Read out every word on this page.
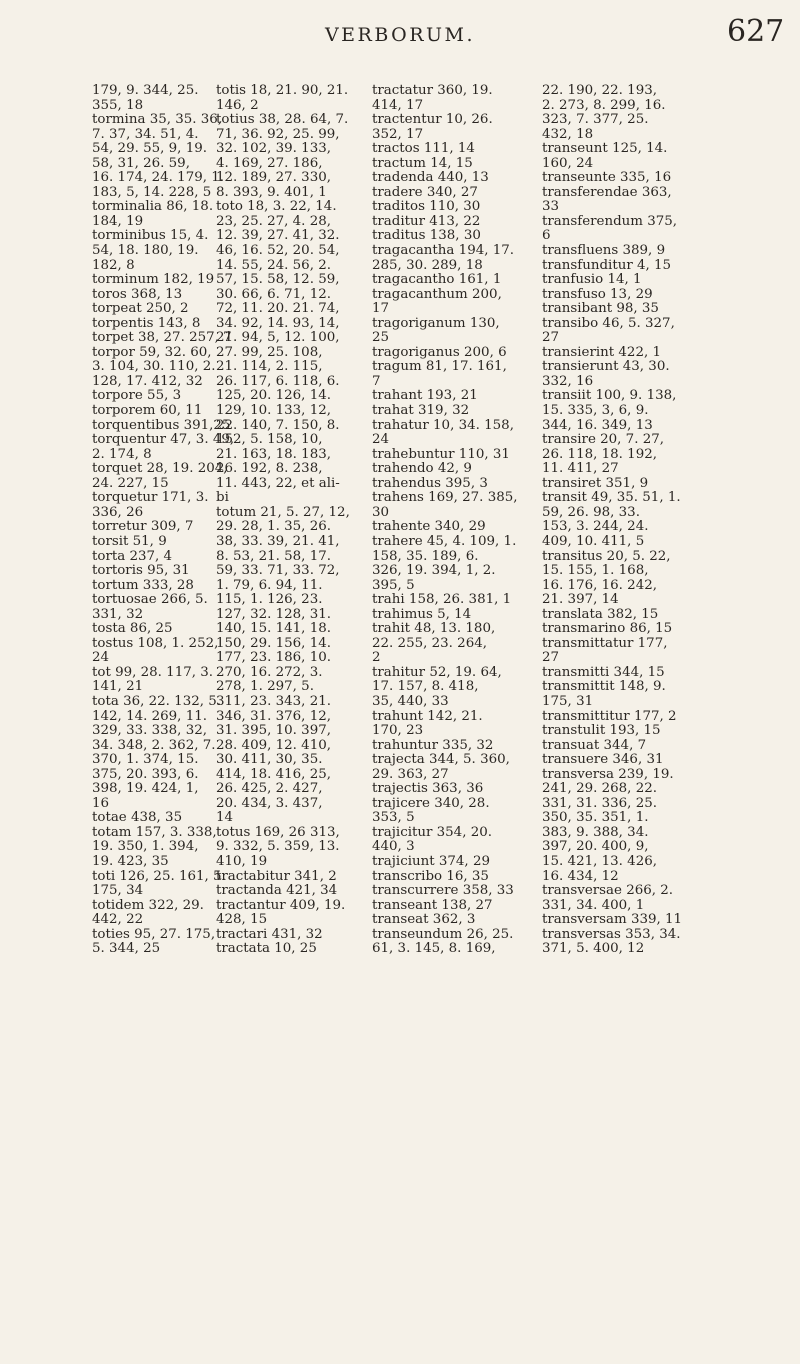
VERBORUM.	627
179, 9. 344, 25.
355, 18
tormina 35, 35. 36,
7. 37, 34. 51, 4.
54, 29. 55, 9, 19.
58, 31, 26. 59,
16. 174, 24. 179, 1.
183, 5, 14. 228, 5
torminalia 86, 18.
184, 19
torminibus 15, 4.
54, 18. 180, 19.
182, 8
torminum 182, 19
toros 368, 13
torpeat 250, 2
torpentis 143, 8
torpet 38, 27. 257, 7
torpor 59, 32. 60,
3. 104, 30. 110, 2.
128, 17. 412, 32
torpore 55, 3
torporem 60, 11
torquentibus 391,25
torquentur 47, 3. 49,
2. 174, 8
torquet 28, 19. 204,
24. 227, 15
torquetur 171, 3.
336, 26
torretur 309, 7
torsit 51, 9
torta 237, 4
tortoris 95, 31
tortum 333, 28
tortuosae 266, 5.
331, 32
tosta 86, 25
tostus 108, 1. 252,
24
tot 99, 28. 117, 3.
141, 21
tota 36, 22. 132, 5.
142, 14. 269, 11.
329, 33. 338, 32,
34. 348, 2. 362, 7.
370, 1. 374, 15.
375, 20. 393, 6.
398, 19. 424, 1,
16
totae 438, 35
totam 157, 3. 338,
19. 350, 1. 394,
19. 423, 35
toti 126, 25. 161, 5.
175, 34
totidem 322, 29.
442, 22
toties 95, 27. 175,
5. 344, 25
totis 18, 21. 90, 21.
146, 2
totius 38, 28. 64, 7.
71, 36. 92, 25. 99,
32. 102, 39. 133,
4. 169, 27. 186,
12. 189, 27. 330,
8. 393, 9. 401, 1
toto 18, 3. 22, 14.
23, 25. 27, 4. 28,
12. 39, 27. 41, 32.
46, 16. 52, 20. 54,
14. 55, 24. 56, 2.
57, 15. 58, 12. 59,
30. 66, 6. 71, 12.
72, 11. 20. 21. 74,
34. 92, 14. 93, 14,
21. 94, 5, 12. 100,
27. 99, 25. 108,
21. 114, 2. 115,
26. 117, 6. 118, 6.
125, 20. 126, 14.
129, 10. 133, 12,
22. 140, 7. 150, 8.
152, 5. 158, 10,
21. 163, 18. 183,
26. 192, 8. 238,
11. 443, 22, et ali-
bi
totum 21, 5. 27, 12,
29. 28, 1. 35, 26.
38, 33. 39, 21. 41,
8. 53, 21. 58, 17.
59, 33. 71, 33. 72,
1. 79, 6. 94, 11.
115, 1. 126, 23.
127, 32. 128, 31.
140, 15. 141, 18.
150, 29. 156, 14.
177, 23. 186, 10.
270, 16. 272, 3.
278, 1. 297, 5.
311, 23. 343, 21.
346, 31. 376, 12,
31. 395, 10. 397,
28. 409, 12. 410,
30. 411, 30, 35.
414, 18. 416, 25,
26. 425, 2. 427,
20. 434, 3. 437,
14
totus 169, 26 313,
9. 332, 5. 359, 13.
410, 19
tractabitur 341, 2
tractanda 421, 34
tractantur 409, 19.
428, 15
tractari 431, 32
tractata 10, 25
tractatur 360, 19.
414, 17
tractentur 10, 26.
352, 17
tractos 111, 14
tractum 14, 15
tradenda 440, 13
tradere 340, 27
traditos 110, 30
traditur 413, 22
traditus 138, 30
tragacantha 194, 17.
285, 30. 289, 18
tragacantho 161, 1
tragacanthum 200,
17
tragoriganum 130,
25
tragoriganus 200, 6
tragum 81, 17. 161,
7
trahant 193, 21
trahat 319, 32
trahatur 10, 34. 158,
24
trahebuntur 110, 31
trahendo 42, 9
trahendus 395, 3
trahens 169, 27. 385,
30
trahente 340, 29
trahere 45, 4. 109, 1.
158, 35. 189, 6.
326, 19. 394, 1, 2.
395, 5
trahi 158, 26. 381, 1
trahimus 5, 14
trahit 48, 13. 180,
22. 255, 23. 264,
2
trahitur 52, 19. 64,
17. 157, 8. 418,
35, 440, 33
trahunt 142, 21.
170, 23
trahuntur 335, 32
trajecta 344, 5. 360,
29. 363, 27
trajectis 363, 36
trajicere 340, 28.
353, 5
trajicitur 354, 20.
440, 3
trajiciunt 374, 29
transcribo 16, 35
transcurrere 358, 33
transeant 138, 27
transeat 362, 3
transeundum 26, 25.
61, 3. 145, 8. 169,
22. 190, 22. 193,
2. 273, 8. 299, 16.
323, 7. 377, 25.
432, 18
transeunt 125, 14.
160, 24
transeunte 335, 16
transferendae 363,
33
transferendum 375,
6
transfluens 389, 9
transfunditur 4, 15
tranfusio 14, 1
transfuso 13, 29
transibant 98, 35
transibo 46, 5. 327,
27
transierint 422, 1
transierunt 43, 30.
332, 16
transiit 100, 9. 138,
15. 335, 3, 6, 9.
344, 16. 349, 13
transire 20, 7. 27,
26. 118, 18. 192,
11. 411, 27
transiret 351, 9
transit 49, 35. 51, 1.
59, 26. 98, 33.
153, 3. 244, 24.
409, 10. 411, 5
transitus 20, 5. 22,
15. 155, 1. 168,
16. 176, 16. 242,
21. 397, 14
translata 382, 15
transmarino 86, 15
transmittatur 177,
27
transmitti 344, 15
transmittit 148, 9.
175, 31
transmittitur 177, 2
transtulit 193, 15
transuat 344, 7
transuere 346, 31
transversa 239, 19.
241, 29. 268, 22.
331, 31. 336, 25.
350, 35. 351, 1.
383, 9. 388, 34.
397, 20. 400, 9,
15. 421, 13. 426,
16. 434, 12
transversae 266, 2.
331, 34. 400, 1
transversam 339, 11
transversas 353, 34.
371, 5. 400, 12
